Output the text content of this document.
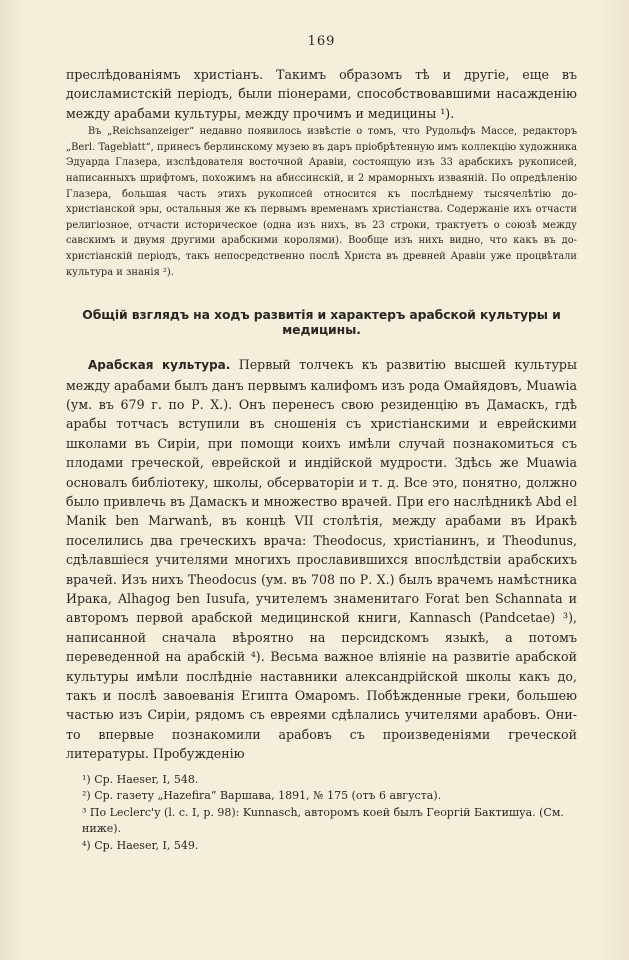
169

преслѣдованіямъ христіанъ. Такимъ образомъ тѣ и другіе, еще въ доисламистскій періодъ, были піонерами, способствовавшими насажденію между арабами культуры, между прочимъ и медицины ¹).

Въ „Reichsanzeiger“ недавно появилось извѣстіе о томъ, что Рудольфъ Массе, редакторъ „Berl. Tageblatt“, принесъ берлинскому музею въ даръ пріобрѣтенную имъ коллекцію художника Эдуарда Глазера, изслѣдователя восточной Аравіи, состоящую изъ 33 арабскихъ рукописей, написанныхъ шрифтомъ, похожимъ на абиссинскій, и 2 мраморныхъ изваяній. По опредѣленію Глазера, большая часть этихъ рукописей относится къ послѣднему тысячелѣтію до-христіанской эры, остальныя же къ первымъ временамъ христіанства. Содержаніе ихъ отчасти религіозное, отчасти историческое (одна изъ нихъ, въ 23 строки, трактуетъ о союзѣ между савскимъ и двумя другими арабскими королями). Вообще изъ нихъ видно, что какъ въ до-христіанскій періодъ, такъ непосредственно послѣ Христа въ древней Аравіи уже процвѣтали культура и знанія ²).

Общій взглядъ на ходъ развитія и характеръ арабской культуры и медицины.

Арабская культура. Первый толчекъ къ развитію высшей культуры между арабами былъ данъ первымъ калифомъ изъ рода Омайядовъ, Muawia (ум. въ 679 г. по Р. Х.). Онъ перенесъ свою резиденцію въ Дамаскъ, гдѣ арабы тотчасъ вступили въ сношенія съ христіанскими и еврейскими школами въ Сиріи, при помощи коихъ имѣли случай познакомиться съ плодами греческой, еврейской и индійской мудрости. Здѣсь же Muawia основалъ библіотеку, школы, обсерваторіи и т. д. Все это, понятно, должно было привлечь въ Дамаскъ и множество врачей. При его наслѣдникѣ Abd el Manik ben Marwanѣ, въ концѣ VII столѣтія, между арабами въ Иракѣ поселились два греческихъ врача: Theodocus, христіанинъ, и Theodunus, сдѣлавшіеся учителями многихъ прославившихся впослѣдствіи арабскихъ врачей. Изъ нихъ Theodocus (ум. въ 708 по Р. Х.) былъ врачемъ намѣстника Ирака, Alhagog ben Iusufа, учителемъ знаменитаго Forat ben Schannata и авторомъ первой арабской медицинской книги, Kannasch (Pandcetae) ³), написанной сначала вѣроятно на персидскомъ языкѣ, а потомъ переведенной на арабскій ⁴). Весьма важное вліяніе на развитіе арабской культуры имѣли послѣдніе наставники александрійской школы какъ до, такъ и послѣ завоеванія Египта Омаромъ. Побѣжденные греки, большею частью изъ Сиріи, рядомъ съ евреями сдѣлались учителями арабовъ. Они-то впервые познакомили арабовъ съ произведеніями греческой литературы. Пробужденію

¹) Ср. Haeser, I, 548.
²) Ср. газету „Hazefira“ Варшава, 1891, № 175 (отъ 6 августа).
³ По Leclerc'у (l. c. I, p. 98): Kunnasch, авторомъ коей былъ Георгій Бактишуа. (См. ниже).
⁴) Ср. Haeser, I, 549.
